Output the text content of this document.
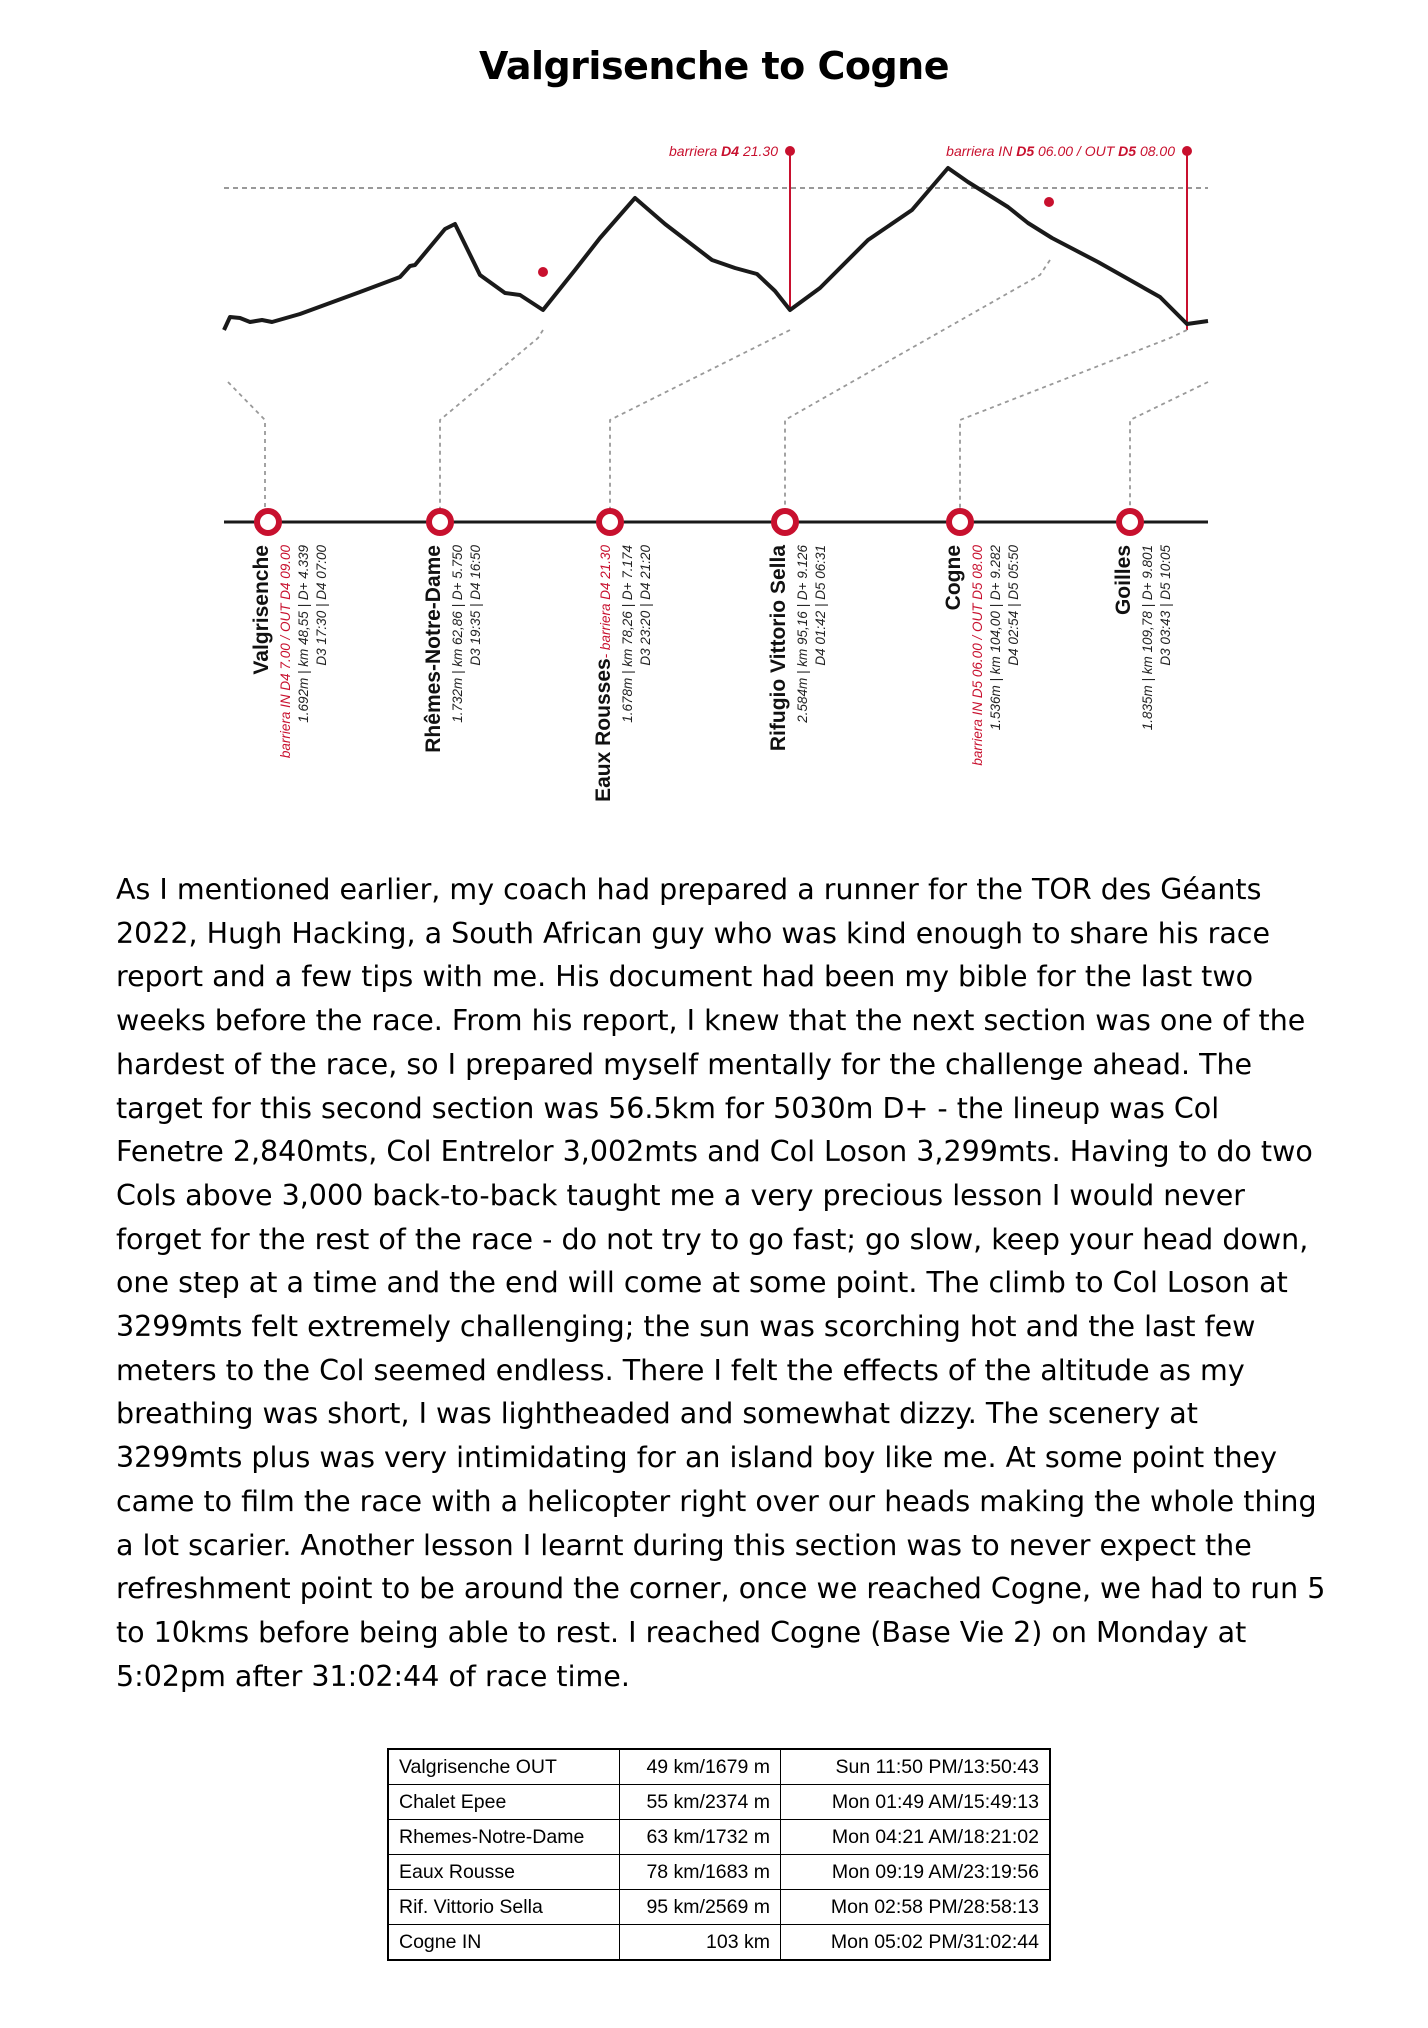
Valgrisenche to Cogne
barriera D4 21.30	barriera IN D5 06.00 / OUT D5 08.00
Valgrisenche barriera IN D4 7.00 / OUT D4 09.00 1.692m | km 48,55 | D+ 4.339 D3 17:30 | D4 07:00	Rhêmes-Notre-Dame 1.732m | km 62,86 | D+ 5.750 D3 19:35 | D4 16:50
Eaux Rousses- barriera D4 21.30 1.678m | km 78,26 | D+ 7.174 D3 23:20 | D4 21:20	Rifugio Vittorio Sella 2.584m | km 95,16 | D+ 9.126 D4 01:42 | D5 06:31	Cogne barriera IN D5 06.00 / OUT D5 08.00 1.536m | km 104,00 | D+ 9.282 D4 02:54 | D5 05:50	Goilles 1.835m | km 109,78 | D+ 9.801 D3 03:43 | D5 10:05
As I mentioned earlier, my coach had prepared a runner for the TOR des Géants 2022, Hugh Hacking, a South African guy who was kind enough to share his race report and a few tips with me. His document had been my bible for the last two weeks before the race. From his report, I knew that the next section was one of the hardest of the race, so I prepared myself mentally for the challenge ahead. The target for this second section was 56.5km for 5030m D+ - the lineup was Col Fenetre 2,840mts, Col Entrelor 3,002mts and Col Loson 3,299mts. Having to do two Cols above 3,000 back-to-back taught me a very precious lesson I would never forget for the rest of the race - do not try to go fast; go slow, keep your head down, one step at a time and the end will come at some point. The climb to Col Loson at 3299mts felt extremely challenging; the sun was scorching hot and the last few meters to the Col seemed endless. There I felt the effects of the altitude as my breathing was short, I was lightheaded and somewhat dizzy. The scenery at 3299mts plus was very intimidating for an island boy like me. At some point they came to film the race with a helicopter right over our heads making the whole thing a lot scarier. Another lesson I learnt during this section was to never expect the refreshment point to be around the corner, once we reached Cogne, we had to run 5 to 10kms before being able to rest. I reached Cogne (Base Vie 2) on Monday at 5:02pm after 31:02:44 of race time.
Valgrisenche OUT	49 km/1679 m	Sun 11:50 PM/13:50:43
Chalet Epee	55 km/2374 m	Mon 01:49 AM/15:49:13
Rhemes-Notre-Dame	63 km/1732 m	Mon 04:21 AM/18:21:02
Eaux Rousse	78 km/1683 m	Mon 09:19 AM/23:19:56
Rif. Vittorio Sella	95 km/2569 m	Mon 02:58 PM/28:58:13
Cogne IN	103 km	Mon 05:02 PM/31:02:44
